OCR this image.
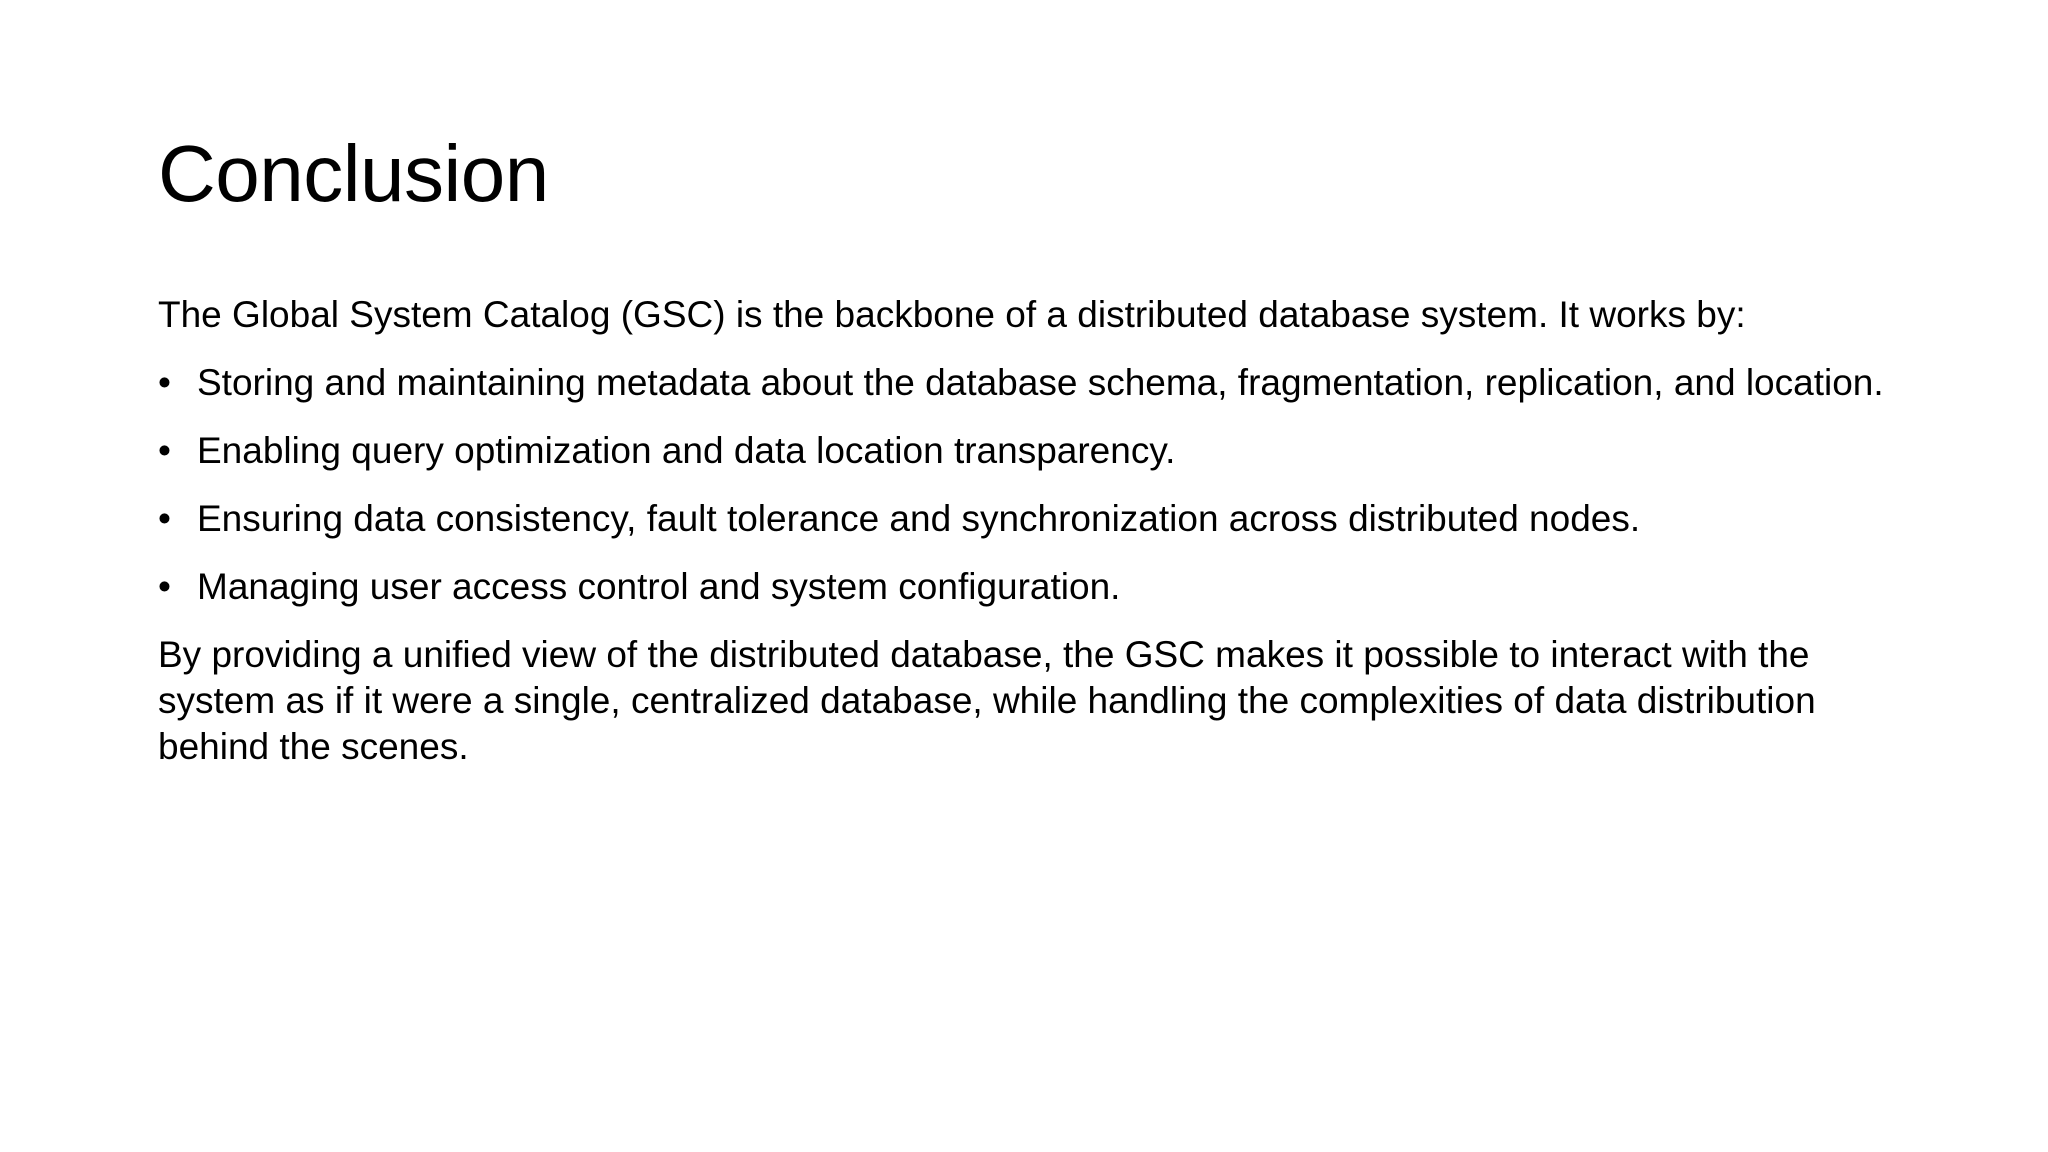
Conclusion

The Global System Catalog (GSC) is the backbone of a distributed database system. It works by:

• Storing and maintaining metadata about the database schema, fragmentation, replication, and location.
• Enabling query optimization and data location transparency.
• Ensuring data consistency, fault tolerance and synchronization across distributed nodes.
• Managing user access control and system configuration.

By providing a unified view of the distributed database, the GSC makes it possible to interact with the system as if it were a single, centralized database, while handling the complexities of data distribution behind the scenes.
